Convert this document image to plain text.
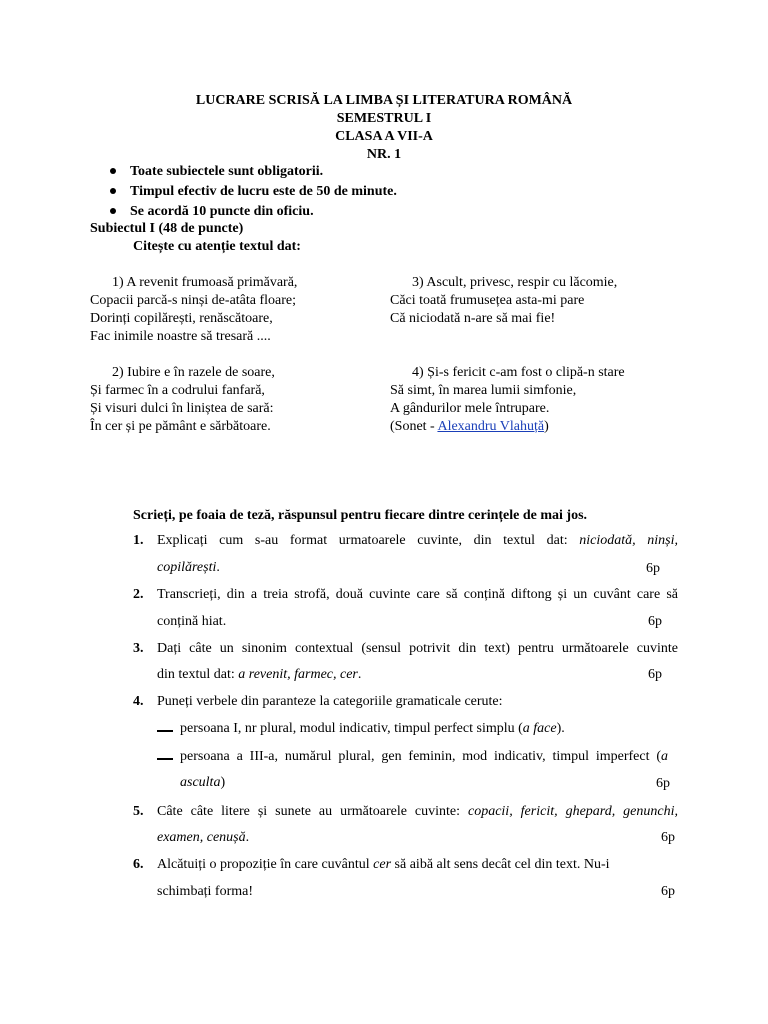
LUCRARE SCRISĂ LA LIMBA ȘI LITERATURA ROMÂNĂ
SEMESTRUL I
CLASA A VII-A
NR. 1
Toate subiectele sunt obligatorii.
Timpul efectiv de lucru este de 50 de minute.
Se acordă 10 puncte din oficiu.
Subiectul I (48 de puncte)
Citește cu atenție textul dat:
1) A revenit frumoasă primăvară,
Copacii parcă-s ninși de-atâta floare;
Dorinți copilărești, renăscătoare,
Fac inimile noastre să tresară ....
2) Iubire e în razele de soare,
Și farmec în a codrului fanfară,
Și visuri dulci în liniștea de sară:
În cer și pe pământ e sărbătoare.
3) Ascult, privesc, respir cu lăcomie,
Căci toată frumusețea asta-mi pare
Că niciodată n-are să mai fie!
4) Și-s fericit c-am fost o clipă-n stare
Să simt, în marea lumii simfonie,
A gândurilor mele întrupare.
(Sonet - Alexandru Vlahuță)
Scrieți, pe foaia de teză, răspunsul pentru fiecare dintre cerințele de mai jos.
1. Explicați cum s-au format urmatoarele cuvinte, din textul dat: niciodată, ninși,
copilărești.	6p
2. Transcrieți, din a treia strofă, două cuvinte care să conțină diftong și un cuvânt care să
conțină hiat.	6p
3. Dați câte un sinonim contextual (sensul potrivit din text) pentru următoarele cuvinte
din textul dat: a revenit, farmec, cer.	6p
4. Puneți verbele din paranteze la categoriile gramaticale cerute:
persoana I, nr plural, modul indicativ, timpul perfect simplu (a face).
persoana a III-a, numărul plural, gen feminin, mod indicativ, timpul imperfect (a
asculta)	6p
5. Câte câte litere și sunete au următoarele cuvinte: copacii, fericit, ghepard, genunchi,
examen, cenușă.	6p
6. Alcătuiți o propoziție în care cuvântul cer să aibă alt sens decât cel din text. Nu-i
schimbați forma!	6p
